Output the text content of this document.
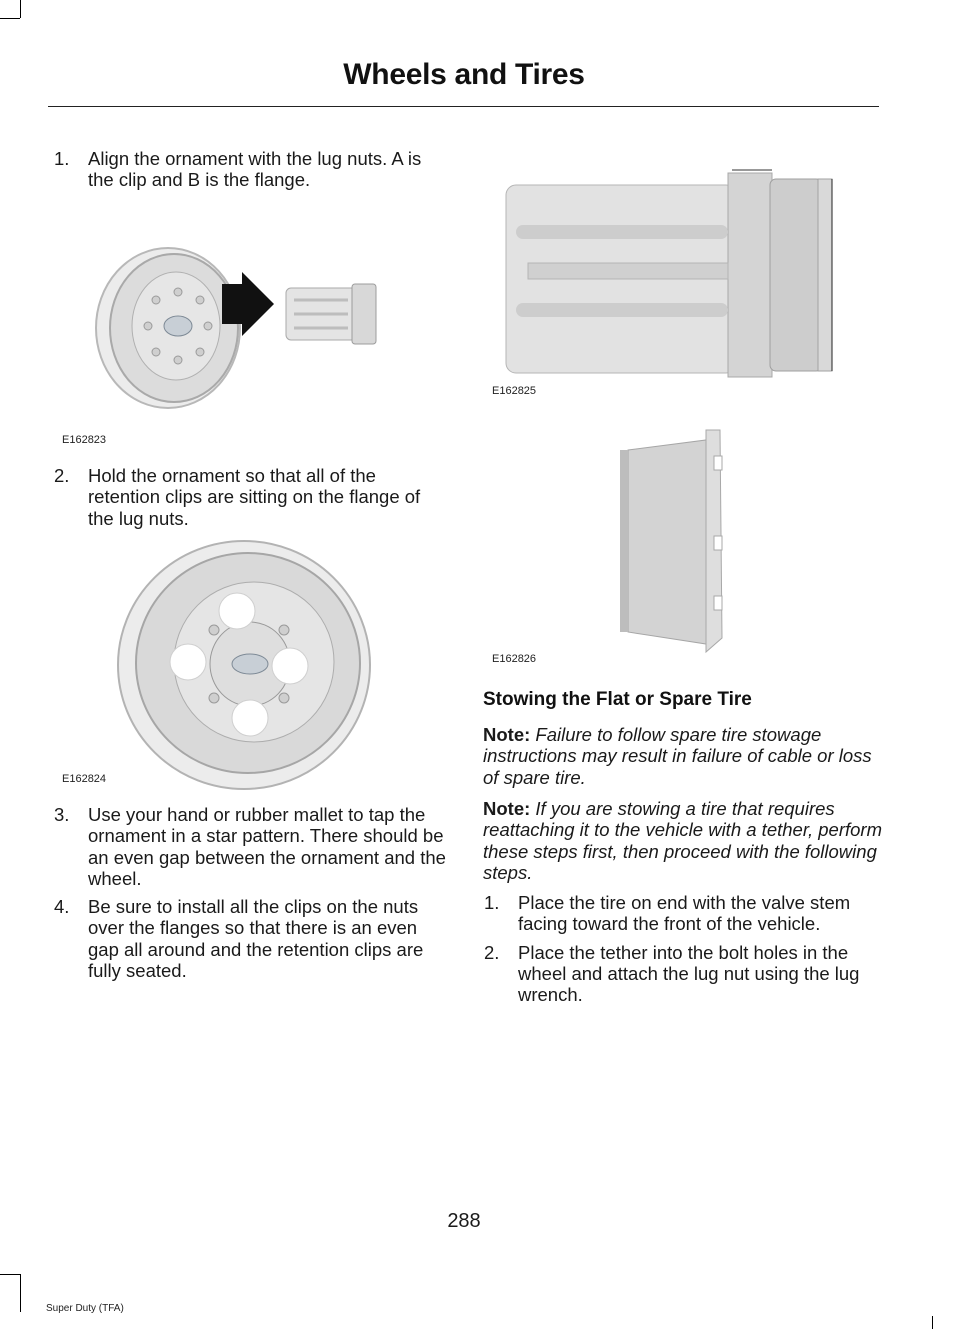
Wheels and Tires
1. Align the ornament with the lug nuts. A is the clip and B is the flange.
E162823
2. Hold the ornament so that all of the retention clips are sitting on the flange of the lug nuts.
E162824
3. Use your hand or rubber mallet to tap the ornament in a star pattern. There should be an even gap between the ornament and the wheel.
4. Be sure to install all the clips on the nuts over the flanges so that there is an even gap all around and the retention clips are fully seated.
E162825
E162826
Stowing the Flat or Spare Tire

Note: Failure to follow spare tire stowage instructions may result in failure of cable or loss of spare tire.

Note: If you are stowing a tire that requires reattaching it to the vehicle with a tether, perform these steps first, then proceed with the following steps.

1. Place the tire on end with the valve stem facing toward the front of the vehicle.
2. Place the tether into the bolt holes in the wheel and attach the lug nut using the lug wrench.
288
Super Duty (TFA)
